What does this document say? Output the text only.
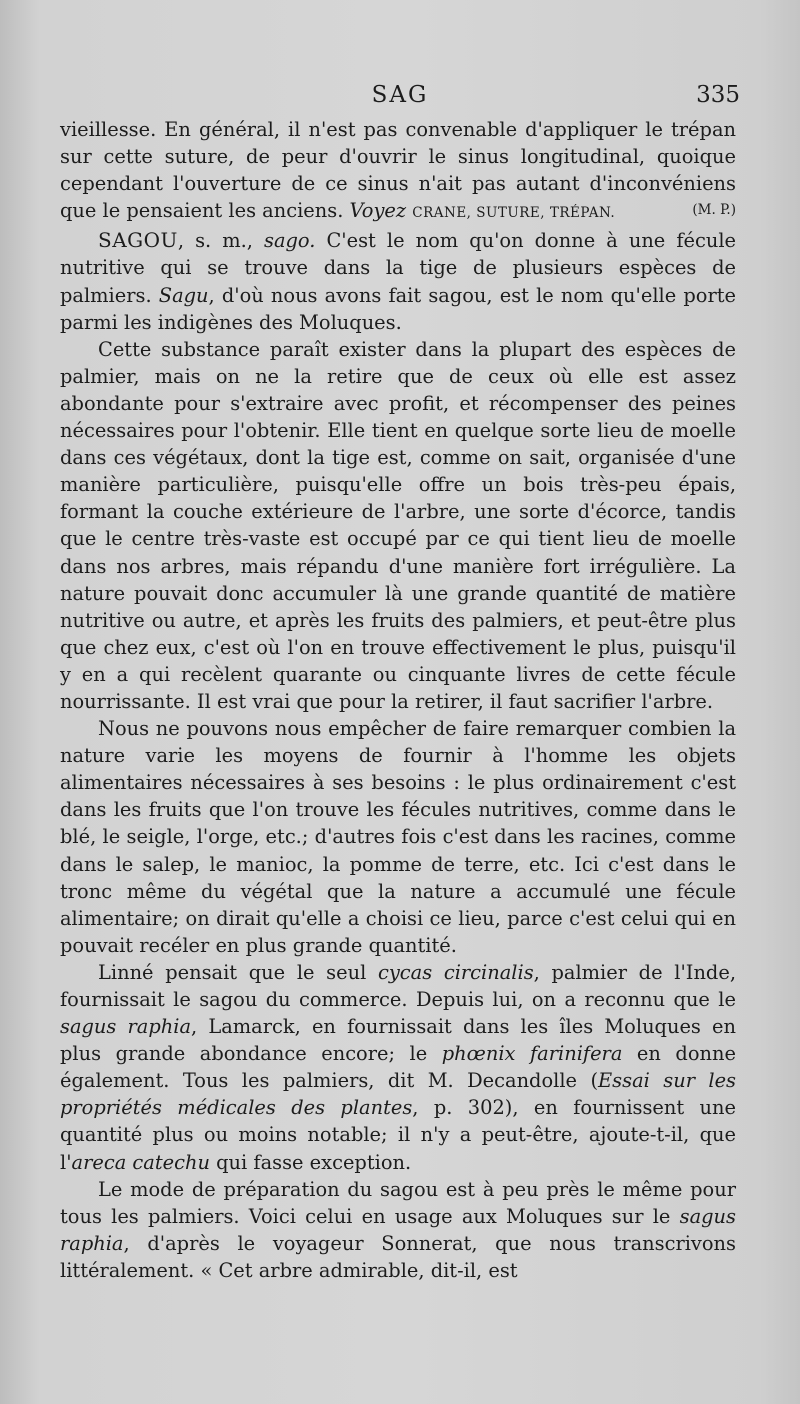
SAG	335

vieillesse. En général, il n'est pas convenable d'appliquer le trépan sur cette suture, de peur d'ouvrir le sinus longitudinal, quoique cependant l'ouverture de ce sinus n'ait pas autant d'inconvéniens que le pensaient les anciens. Voyez CRANE, SUTURE, TRÉPAN.	(M. P.)

SAGOU, s. m., sago. C'est le nom qu'on donne à une fécule nutritive qui se trouve dans la tige de plusieurs espèces de palmiers. Sagu, d'où nous avons fait sagou, est le nom qu'elle porte parmi les indigènes des Moluques.

Cette substance paraît exister dans la plupart des espèces de palmier, mais on ne la retire que de ceux où elle est assez abondante pour s'extraire avec profit, et récompenser des peines nécessaires pour l'obtenir. Elle tient en quelque sorte lieu de moelle dans ces végétaux, dont la tige est, comme on sait, organisée d'une manière particulière, puisqu'elle offre un bois très-peu épais, formant la couche extérieure de l'arbre, une sorte d'écorce, tandis que le centre très-vaste est occupé par ce qui tient lieu de moelle dans nos arbres, mais répandu d'une manière fort irrégulière. La nature pouvait donc accumuler là une grande quantité de matière nutritive ou autre, et après les fruits des palmiers, et peut-être plus que chez eux, c'est où l'on en trouve effectivement le plus, puisqu'il y en a qui recèlent quarante ou cinquante livres de cette fécule nourrissante. Il est vrai que pour la retirer, il faut sacrifier l'arbre.

Nous ne pouvons nous empêcher de faire remarquer combien la nature varie les moyens de fournir à l'homme les objets alimentaires nécessaires à ses besoins : le plus ordinairement c'est dans les fruits que l'on trouve les fécules nutritives, comme dans le blé, le seigle, l'orge, etc.; d'autres fois c'est dans les racines, comme dans le salep, le manioc, la pomme de terre, etc. Ici c'est dans le tronc même du végétal que la nature a accumulé une fécule alimentaire; on dirait qu'elle a choisi ce lieu, parce c'est celui qui en pouvait recéler en plus grande quantité.

Linné pensait que le seul cycas circinalis, palmier de l'Inde, fournissait le sagou du commerce. Depuis lui, on a reconnu que le sagus raphia, Lamarck, en fournissait dans les îles Moluques en plus grande abondance encore; le phœnix farinifera en donne également. Tous les palmiers, dit M. Decandolle (Essai sur les propriétés médicales des plantes, p. 302), en fournissent une quantité plus ou moins notable; il n'y a peut-être, ajoute-t-il, que l'areca catechu qui fasse exception.

Le mode de préparation du sagou est à peu près le même pour tous les palmiers. Voici celui en usage aux Moluques sur le sagus raphia, d'après le voyageur Sonnerat, que nous transcrivons littéralement. « Cet arbre admirable, dit-il, est
